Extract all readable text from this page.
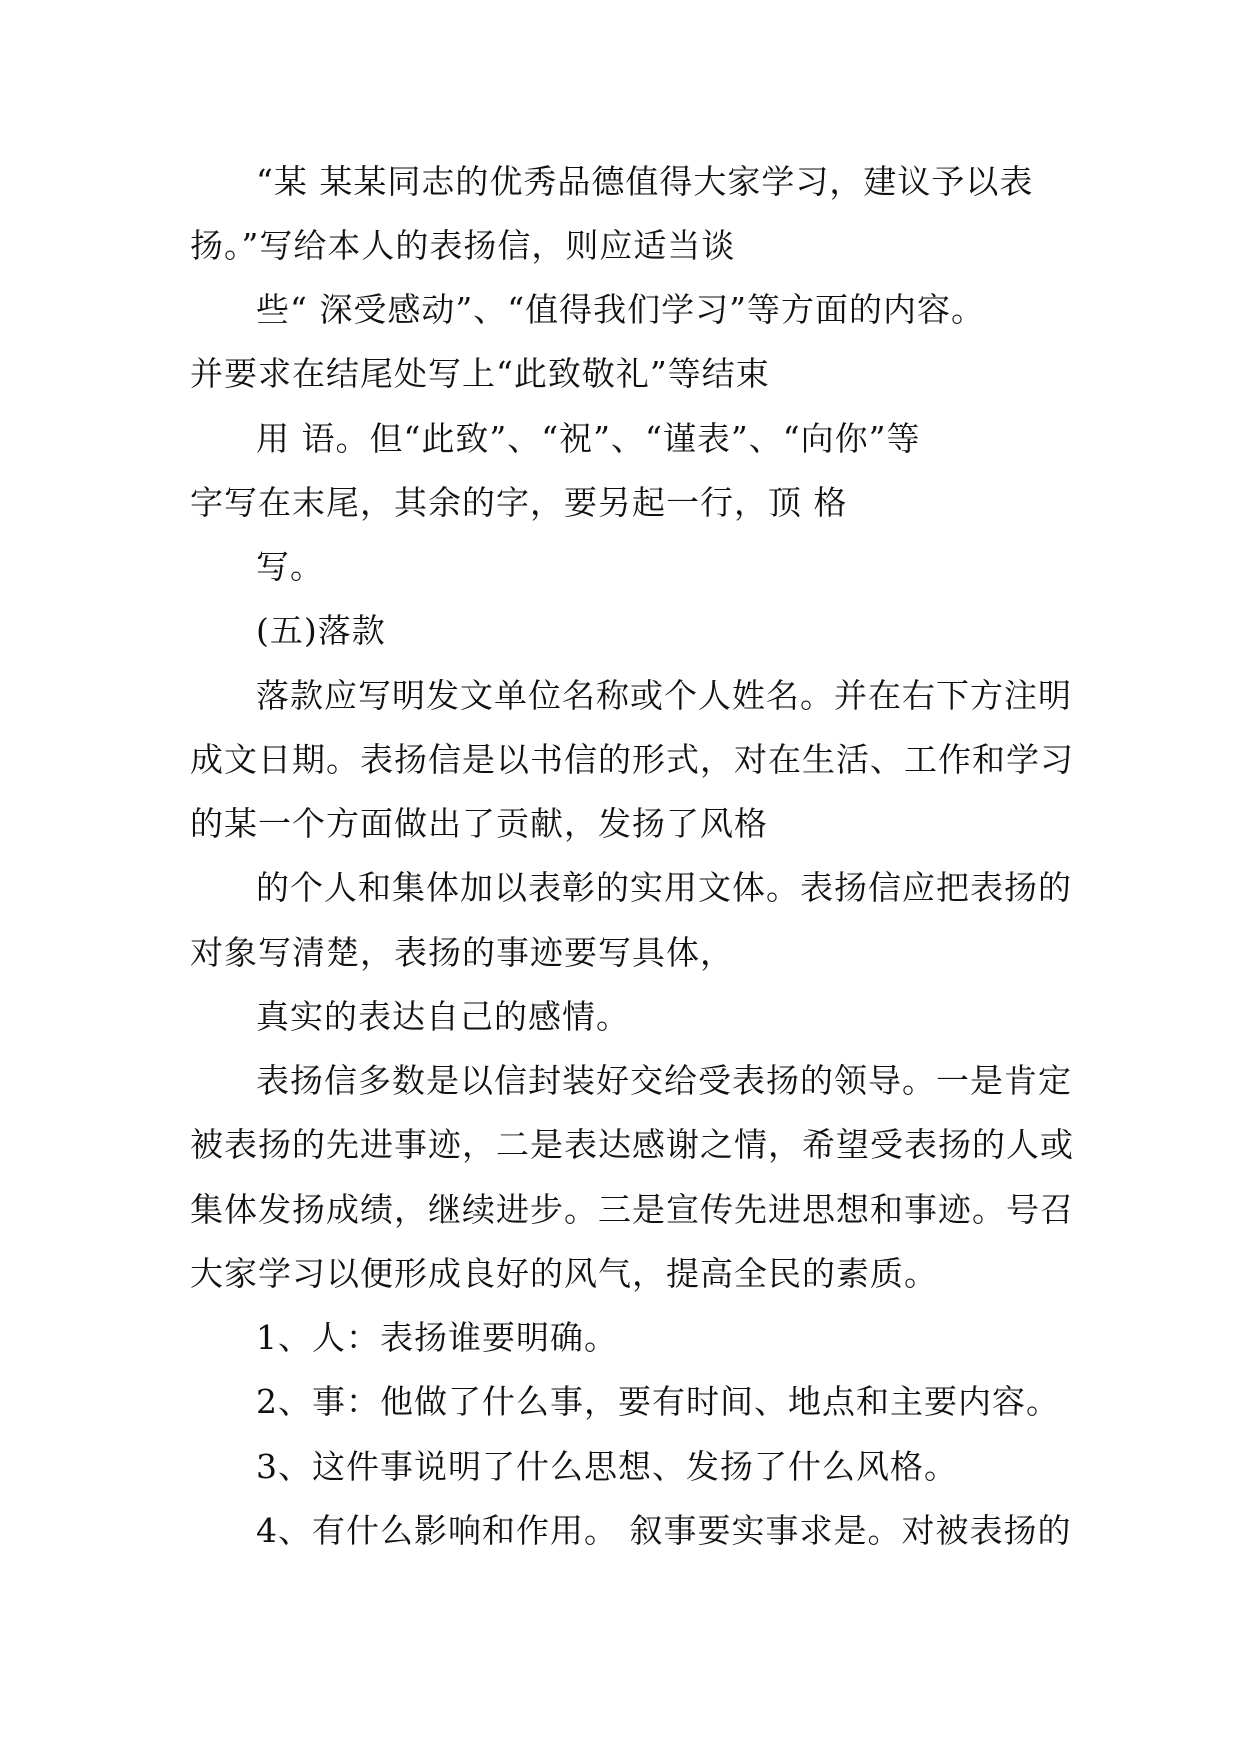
“某 某某同志的优秀品德值得大家学习，建议予以表
扬。”写给本人的表扬信，则应适当谈
些“ 深受感动”、“值得我们学习”等方面的内容。
并要求在结尾处写上“此致敬礼”等结束
用 语。但“此致”、“祝”、“谨表”、“向你”等
字写在末尾，其余的字，要另起一行，顶 格
写。
(五)落款
落款应写明发文单位名称或个人姓名。并在右下方注明
成文日期。表扬信是以书信的形式，对在生活、工作和学习
的某一个方面做出了贡献，发扬了风格
的个人和集体加以表彰的实用文体。表扬信应把表扬的
对象写清楚，表扬的事迹要写具体，
真实的表达自己的感情。
表扬信多数是以信封装好交给受表扬的领导。一是肯定
被表扬的先进事迹，二是表达感谢之情，希望受表扬的人或
集体发扬成绩，继续进步。三是宣传先进思想和事迹。号召
大家学习以便形成良好的风气，提高全民的素质。
1、人：表扬谁要明确。
2、事：他做了什么事，要有时间、地点和主要内容。
3、这件事说明了什么思想、发扬了什么风格。
4、有什么影响和作用。 叙事要实事求是。对被表扬的
